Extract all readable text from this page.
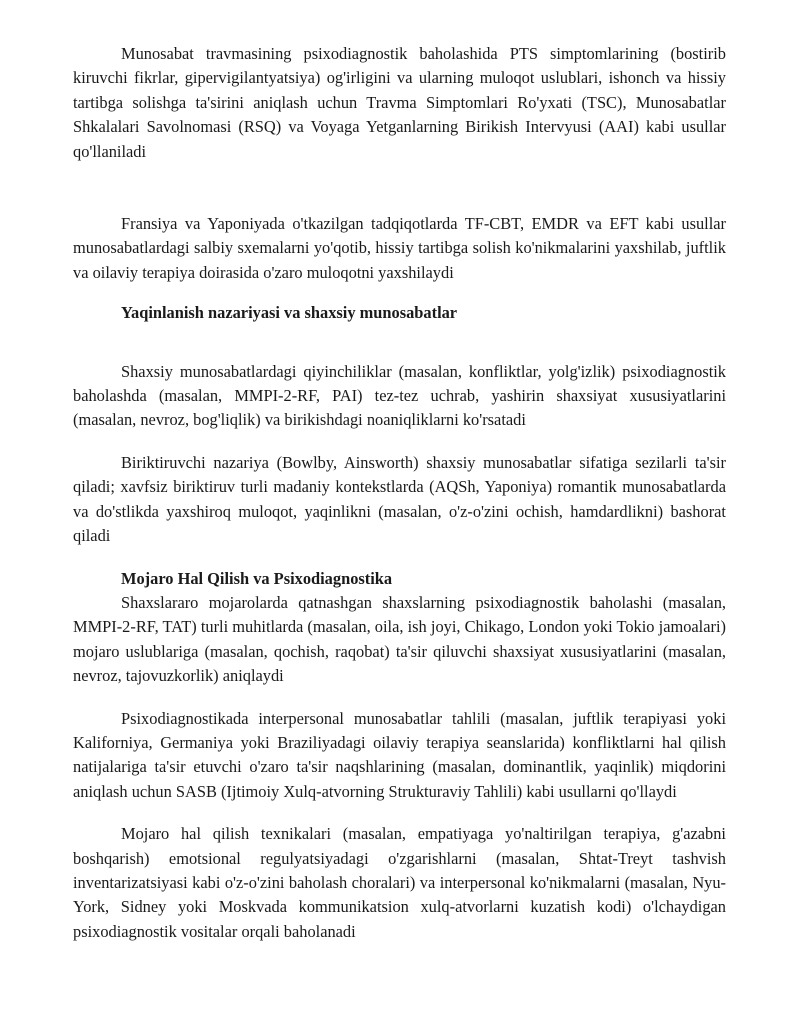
Munosabat travmasining psixodiagnostik baholashida PTS simptomlarining (bostirib kiruvchi fikrlar, gipervigilantyatsiya) og'irligini va ularning muloqot uslublari, ishonch va hissiy tartibga solishga ta'sirini aniqlash uchun Travma Simptomlari Ro'yxati (TSC), Munosabatlar Shkalalari Savolnomasi (RSQ) va Voyaga Yetganlarning Birikish Intervyusi (AAI) kabi usullar qo'llaniladi

Fransiya va Yaponiyada o'tkazilgan tadqiqotlarda TF-CBT, EMDR va EFT kabi usullar munosabatlardagi salbiy sxemalarni yo'qotib, hissiy tartibga solish ko'nikmalarini yaxshilab, juftlik va oilaviy terapiya doirasida o'zaro muloqotni yaxshilaydi

Yaqinlanish nazariyasi va shaxsiy munosabatlar

Shaxsiy munosabatlardagi qiyinchiliklar (masalan, konfliktlar, yolg'izlik) psixodiagnostik baholashda (masalan, MMPI-2-RF, PAI) tez-tez uchrab, yashirin shaxsiyat xususiyatlarini (masalan, nevroz, bog'liqlik) va birikishdagi noaniqliklarni ko'rsatadi

Biriktiruvchi nazariya (Bowlby, Ainsworth) shaxsiy munosabatlar sifatiga sezilarli ta'sir qiladi; xavfsiz biriktiruv turli madaniy kontekstlarda (AQSh, Yaponiya) romantik munosabatlarda va do'stlikda yaxshiroq muloqot, yaqinlikni (masalan, o'z-o'zini ochish, hamdardlikni) bashorat qiladi

Mojaro Hal Qilish va Psixodiagnostika

Shaxslararo mojarolarda qatnashgan shaxslarning psixodiagnostik baholashi (masalan, MMPI-2-RF, TAT) turli muhitlarda (masalan, oila, ish joyi, Chikago, London yoki Tokio jamoalari) mojaro uslublariga (masalan, qochish, raqobat) ta'sir qiluvchi shaxsiyat xususiyatlarini (masalan, nevroz, tajovuzkorlik) aniqlaydi

Psixodiagnostikada interpersonal munosabatlar tahlili (masalan, juftlik terapiyasi yoki Kaliforniya, Germaniya yoki Braziliyadagi oilaviy terapiya seanslarida) konfliktlarni hal qilish natijalariga ta'sir etuvchi o'zaro ta'sir naqshlarining (masalan, dominantlik, yaqinlik) miqdorini aniqlash uchun SASB (Ijtimoiy Xulq-atvorning Strukturaviy Tahlili) kabi usullarni qo'llaydi

Mojaro hal qilish texnikalari (masalan, empatiyaga yo'naltirilgan terapiya, g'azabni boshqarish) emotsional regulyatsiyadagi o'zgarishlarni (masalan, Shtat-Treyt tashvish inventarizatsiyasi kabi o'z-o'zini baholash choralari) va interpersonal ko'nikmalarni (masalan, Nyu-York, Sidney yoki Moskvada kommunikatsion xulq-atvorlarni kuzatish kodi) o'lchaydigan psixodiagnostik vositalar orqali baholanadi
